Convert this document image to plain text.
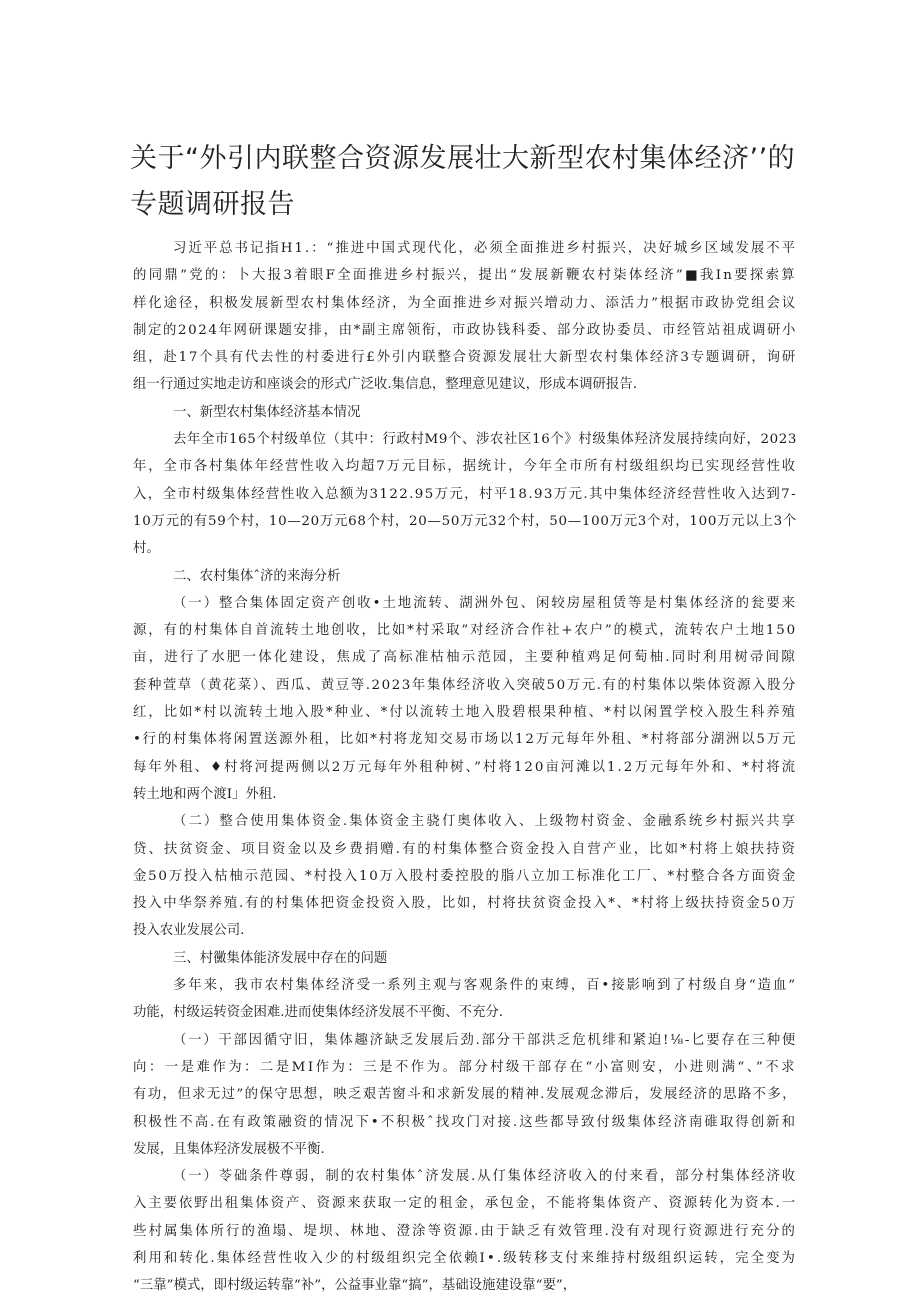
关于“外引内联整合资源发展壮大新型农村集体经济’’的
专题调研报告

习近平总书记指H1.：“推进中国式现代化，必须全面推进乡村振兴，决好城乡区域发展不平
的同鼎”党的：卜大报3着眼F全面推进乡村振兴，提出“发展新鞭农村柒体经济”■我In要探索算
样化途径，积极发展新型农村集体经济，为全面推进乡对振兴增动力、添活力”根据市政协党组会议
制定的2024年网研课题安排，由*副主席领衔，市政协钱科委、部分政协委员、市经管站祖成调研小
组，赴17个具有代去性的村委进行£外引内联整合资源发展壮大新型农村集体经济3专题调研，询研
组一行通过实地走访和座谈会的形式广泛收.集信息，整理意见建议，形成本调研报告.

一、新型农村集体经济基本情况

去年全市165个村级单位（其中：行政村M9个、涉农社区16个》村级集体羟济发展持续向好，2023
年，全市各村集体年经营性收入均超7万元目标，据统计，今年全市所有村级组织均已实现经营性收
入，全市村级集体经营性收入总额为3122.95万元，村平18.93万元.其中集体经济经营性收入达到7-
10万元的有59个村，10—20万元68个村，20—50万元32个村，50—100万元3个对，100万元以上3个
村。

二、农村集体ˆ济的来海分析

（一）整合集体固定资产创收•土地流转、湖洲外包、闲较房屋租赁等是村集体经济的瓮要来
源，有的村集体自首流转土地创收，比如*村采取”对经济合作社+农户”的模式，流转农户土地150
亩，进行了水肥一体化建设，焦成了高标准枯柚示范园，主要种植鸡足何萄柚.同时利用树帚间隙
套种萱草（黄花菜）、西瓜、黄豆等.2023年集体经济收入突破50万元.有的村集体以柴体资源入股分
红，比如*村以流转土地入股*种业、*付以流转土地入股碧根果种植、*村以闲置学校入股生科养殖
•行的村集体将闲置送源外租，比如*村将龙知交易市场以12万元每年外租、*村将部分湖洲以5万元
每年外租、♦村将河提两侧以2万元每年外租种树、”村将120亩河滩以1.2万元每年外和、*村将流
转土地和两个渡I」外租.

（二）整合使用集体资金.集体资金主骁仃奥体收入、上级物村资金、金融系统乡村振兴共享
贷、扶贫资金、项目资金以及乡费捐赠.有的村集体整合资金投入自营产业，比如*村将上娘扶持资
金50万投入枯柚示范园、*村投入10万入股村委控股的脂八立加工标准化工厂、*村整合各方面资金
投入中华祭养殖.有的村集体把资金投资入股，比如，村将扶贫资金投入*、*村将上级扶持资金50万
投入农业发展公司.

三、村黴集体能济发展中存在的问题

多年来，我市农村集体经济受一系列主观与客观条件的束缚，百•接影响到了村级自身“造血”
功能，村级运转资金困难.进而使集体经济发展不平衡、不充分.

（一）干部因循守旧，集体趣济缺乏发展后劲.部分干部洪乏危机绯和紧迫!⅛-匕要存在三种便
向：一是难作为：二是MI作为：三是不作为。部分村级干部存在“小富则安，小进则满“、”不求
有功，但求无过”的保守思想，映乏艰苦窗斗和求新发展的精神.发展观念滞后，发展经济的思路不多，
积极性不高.在有政策融资的情况下•不积极ˆ找攻门对接.这些都导致付级集体经济南碓取得创新和
发展，且集体羟济发展极不平衡.

（一）苓础条件尊弱，制的农村集体ˆ济发展.从仃集体经济收入的付来看，部分村集体经济收
入主要依野出租集体资产、资源来获取一定的租金，承包金，不能将集体资产、资源转化为资本.一
些村属集体所行的渔塌、堤坝、林地、澄涂等资源.由于缺乏有效管理.没有对现行资源进行充分的
利用和转化.集体经营性收入少的村级组织完全依赖I•.级转移支付来维持村级组织运转，完全变为
“三靠”模式，即村级运转靠“补”，公益事业靠“搞”，基础设施建设靠“要”，
